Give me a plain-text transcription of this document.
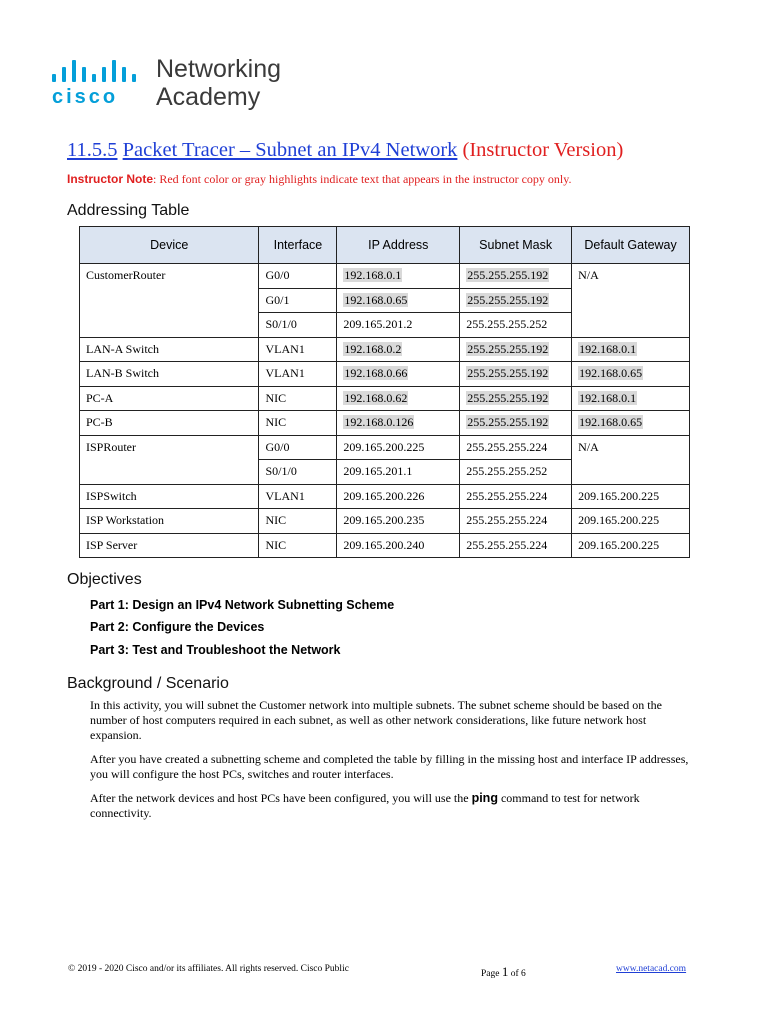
cisco
Networking
Academy
11.5.5 Packet Tracer – Subnet an IPv4 Network (Instructor Version)
Instructor Note: Red font color or gray highlights indicate text that appears in the instructor copy only.
Addressing Table
Device	Interface	IP Address	Subnet Mask	Default Gateway
CustomerRouter	G0/0	192.168.0.1	255.255.255.192	N/A
	G0/1	192.168.0.65	255.255.255.192	
	S0/1/0	209.165.201.2	255.255.255.252	
LAN-A Switch	VLAN1	192.168.0.2	255.255.255.192	192.168.0.1
LAN-B Switch	VLAN1	192.168.0.66	255.255.255.192	192.168.0.65
PC-A	NIC	192.168.0.62	255.255.255.192	192.168.0.1
PC-B	NIC	192.168.0.126	255.255.255.192	192.168.0.65
ISPRouter	G0/0	209.165.200.225	255.255.255.224	N/A
	S0/1/0	209.165.201.1	255.255.255.252	
ISPSwitch	VLAN1	209.165.200.226	255.255.255.224	209.165.200.225
ISP Workstation	NIC	209.165.200.235	255.255.255.224	209.165.200.225
ISP Server	NIC	209.165.200.240	255.255.255.224	209.165.200.225
Objectives
Part 1: Design an IPv4 Network Subnetting Scheme
Part 2: Configure the Devices
Part 3: Test and Troubleshoot the Network
Background / Scenario

In this activity, you will subnet the Customer network into multiple subnets. The subnet scheme should be based on the number of host computers required in each subnet, as well as other network considerations, like future network host expansion.

After you have created a subnetting scheme and completed the table by filling in the missing host and interface IP addresses, you will configure the host PCs, switches and router interfaces.

After the network devices and host PCs have been configured, you will use the ping command to test for network connectivity.

© 2019 - 2020 Cisco and/or its affiliates. All rights reserved. Cisco Public	Page 1 of 6	www.netacad.com
